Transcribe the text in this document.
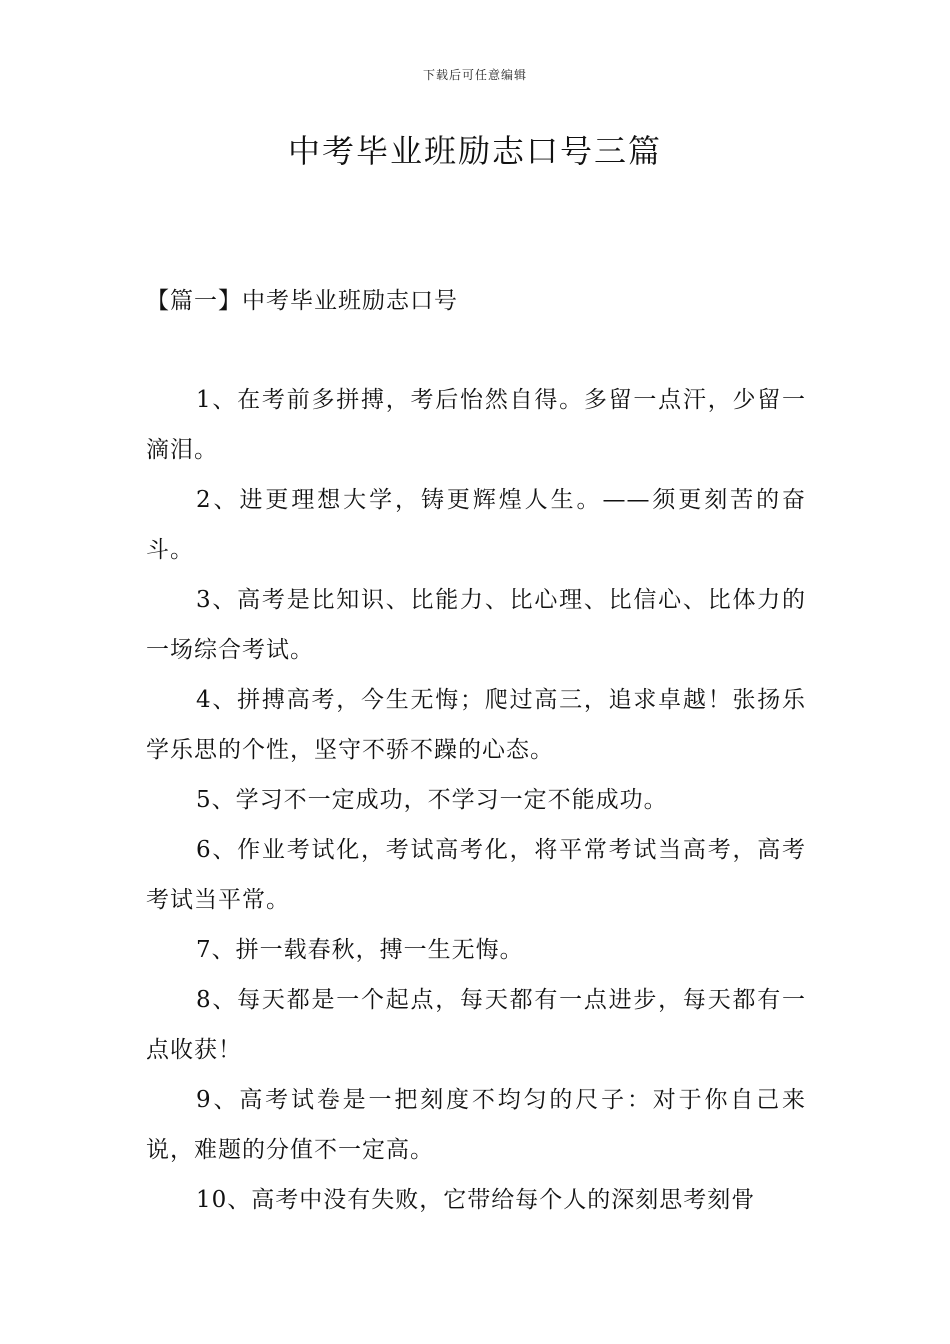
下载后可任意编辑
中考毕业班励志口号三篇
【篇一】中考毕业班励志口号
1、在考前多拼搏，考后怡然自得。多留一点汗，少留一滴泪。
2、进更理想大学，铸更辉煌人生。——须更刻苦的奋斗。
3、高考是比知识、比能力、比心理、比信心、比体力的一场综合考试。
4、拼搏高考，今生无悔；爬过高三，追求卓越！张扬乐学乐思的个性，坚守不骄不躁的心态。
5、学习不一定成功，不学习一定不能成功。
6、作业考试化，考试高考化，将平常考试当高考，高考考试当平常。
7、拼一载春秋，搏一生无悔。
8、每天都是一个起点，每天都有一点进步，每天都有一点收获！
9、高考试卷是一把刻度不均匀的尺子：对于你自己来说，难题的分值不一定高。
10、高考中没有失败，它带给每个人的深刻思考刻骨
